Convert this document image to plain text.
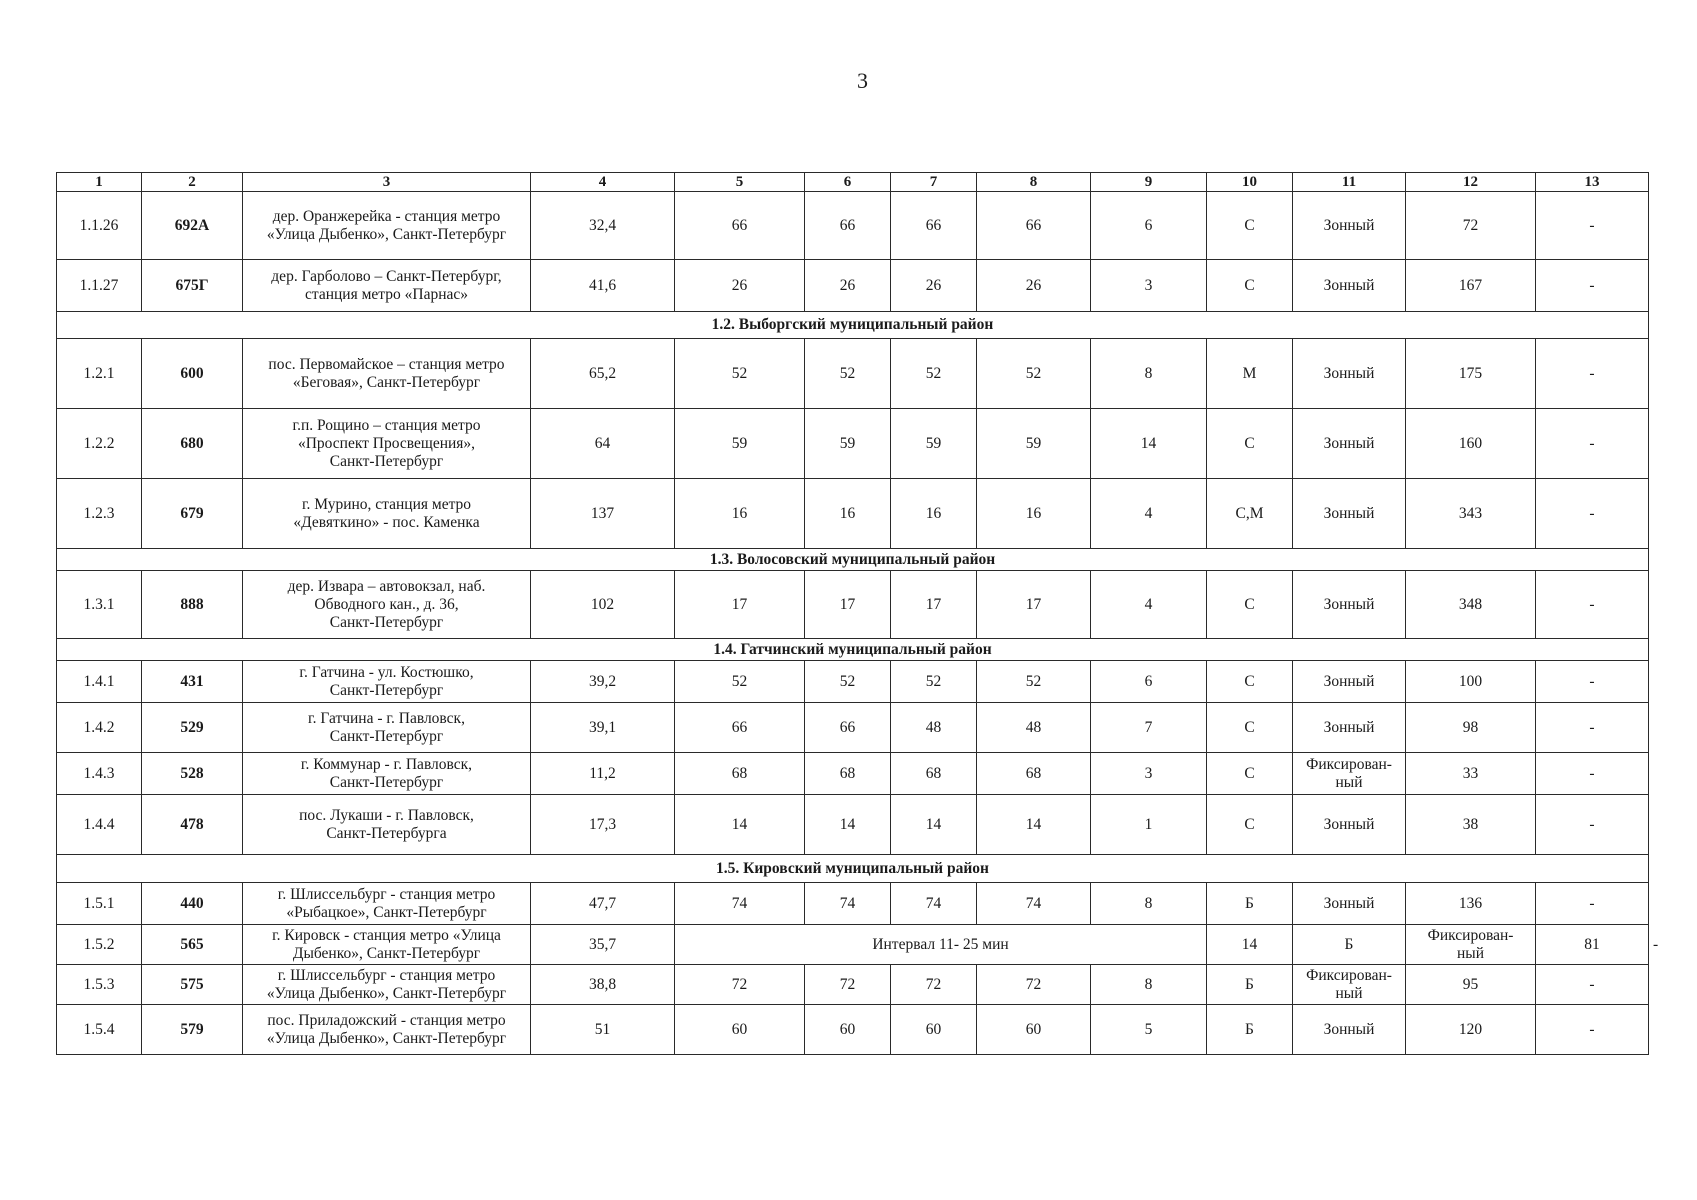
3
1	2	3	4	5	6	7	8	9	10	11	12	13	
1.1.26	692А	дер. Оранжерейка - станция метро
«Улица Дыбенко», Санкт-Петербург	32,4	66	66	66	66	6	С	Зонный	72	-	
1.1.27	675Г	дер. Гарболово – Санкт-Петербург,
станция метро «Парнас»	41,6	26	26	26	26	3	С	Зонный	167	-	
1.2. Выборгский муниципальный район													
1.2.1	600	пос. Первомайское – станция метро
«Беговая», Санкт-Петербург	65,2	52	52	52	52	8	М	Зонный	175	-	
1.2.2	680	г.п. Рощино – станция метро
«Проспект Просвещения»,
Санкт-Петербург	64	59	59	59	59	14	С	Зонный	160	-	
1.2.3	679	г. Мурино, станция метро
«Девяткино» - пос. Каменка	137	16	16	16	16	4	С,М	Зонный	343	-	
1.3. Волосовский муниципальный район													
1.3.1	888	дер. Извара – автовокзал, наб.
Обводного кан., д. 36,
Санкт-Петербург	102	17	17	17	17	4	С	Зонный	348	-	
1.4. Гатчинский муниципальный район													
1.4.1	431	г. Гатчина - ул. Костюшко,
Санкт-Петербург	39,2	52	52	52	52	6	С	Зонный	100	-	
1.4.2	529	г. Гатчина - г. Павловск,
Санкт-Петербург	39,1	66	66	48	48	7	С	Зонный	98	-	
1.4.3	528	г. Коммунар - г. Павловск,
Санкт-Петербург	11,2	68	68	68	68	3	С	Фиксирован-
ный	33	-	
1.4.4	478	пос. Лукаши - г. Павловск,
Санкт-Петербурга	17,3	14	14	14	14	1	С	Зонный	38	-	
1.5. Кировский муниципальный район													
1.5.1	440	г. Шлиссельбург - станция метро
«Рыбацкое», Санкт-Петербург	47,7	74	74	74	74	8	Б	Зонный	136	-	
1.5.2	565	г. Кировск - станция метро «Улица
Дыбенко», Санкт-Петербург	35,7	Интервал 11- 25 мин					14	Б	Фиксирован-
ный	81	-
1.5.3	575	г. Шлиссельбург - станция метро
«Улица Дыбенко», Санкт-Петербург	38,8	72	72	72	72	8	Б	Фиксирован-
ный	95	-	
1.5.4	579	пос. Приладожский - станция метро
«Улица Дыбенко», Санкт-Петербург	51	60	60	60	60	5	Б	Зонный	120	-	
